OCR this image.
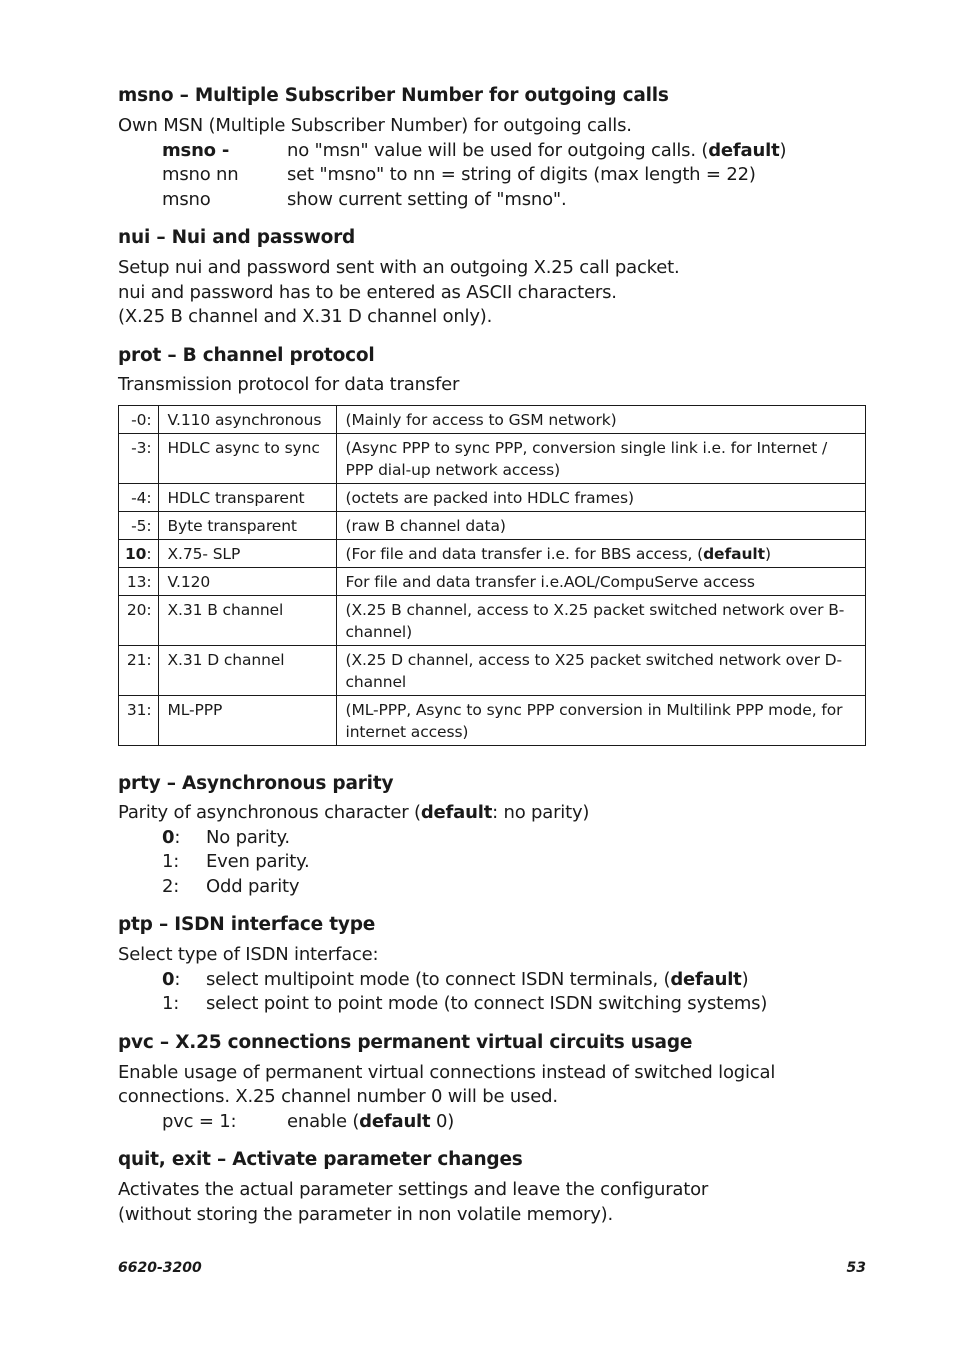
msno – Multiple Subscriber Number for outgoing calls

Own MSN (Multiple Subscriber Number) for outgoing calls.

msno -	no "msn" value will be used for outgoing calls. (default)
msno nn	set "msno" to nn = string of digits (max length = 22)
msno	show current setting of "msno".
nui – Nui and password

Setup nui and password sent with an outgoing X.25 call packet.

nui and password has to be entered as ASCII characters.

(X.25 B channel and X.31 D channel only).

prot – B channel protocol

Transmission protocol for data transfer

-0:	V.110 asynchronous	(Mainly for access to GSM network)
-3:	HDLC async to sync	(Async PPP to sync PPP, conversion single link i.e. for Internet / PPP dial-up network access)
-4:	HDLC transparent	(octets are packed into HDLC frames)
-5:	Byte transparent	(raw B channel data)
10:	X.75- SLP	(For file and data transfer i.e. for BBS access, (default)
13:	V.120	For file and data transfer i.e.AOL/CompuServe access
20:	X.31 B channel	(X.25 B channel, access to X.25 packet switched network over B-channel)
21:	X.31 D channel	(X.25 D channel, access to X25 packet switched network over D-channel
31:	ML-PPP	(ML-PPP, Async to sync PPP conversion in Multilink PPP mode, for internet access)
prty – Asynchronous parity

Parity of asynchronous character (default: no parity)

0:	No parity.
1:	Even parity.
2:	Odd parity
ptp – ISDN interface type

Select type of ISDN interface:

0:	select multipoint mode (to connect ISDN terminals, (default)
1:	select point to point mode (to connect ISDN switching systems)
pvc – X.25 connections permanent virtual circuits usage

Enable usage of permanent virtual connections instead of switched logical

connections. X.25 channel number 0 will be used.

pvc = 1:	enable (default 0)
quit, exit – Activate parameter changes

Activates the actual parameter settings and leave the configurator

(without storing the parameter in non volatile memory).

6620-3200	53
